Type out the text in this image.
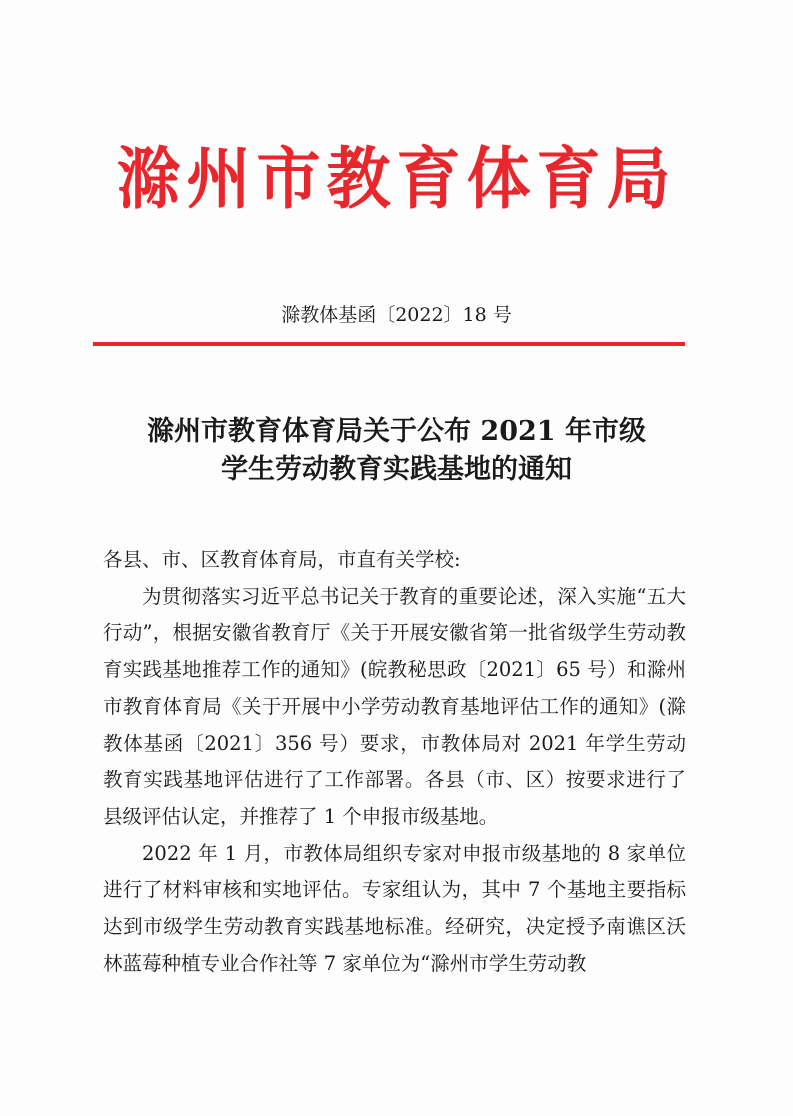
滁州市教育体育局
滁教体基函〔2022〕18 号
滁州市教育体育局关于公布 2021 年市级
学生劳动教育实践基地的通知
各县、市、区教育体育局，市直有关学校:

为贯彻落实习近平总书记关于教育的重要论述，深入实施“五大行动”，根据安徽省教育厅《关于开展安徽省第一批省级学生劳动教育实践基地推荐工作的通知》(皖教秘思政〔2021〕65 号）和滁州市教育体育局《关于开展中小学劳动教育基地评估工作的通知》(滁教体基函〔2021〕356 号）要求，市教体局对 2021 年学生劳动教育实践基地评估进行了工作部署。各县（市、区）按要求进行了县级评估认定，并推荐了 1 个申报市级基地。

2022 年 1 月，市教体局组织专家对申报市级基地的 8 家单位进行了材料审核和实地评估。专家组认为，其中 7 个基地主要指标达到市级学生劳动教育实践基地标准。经研究，决定授予南谯区沃林蓝莓种植专业合作社等 7 家单位为“滁州市学生劳动教
